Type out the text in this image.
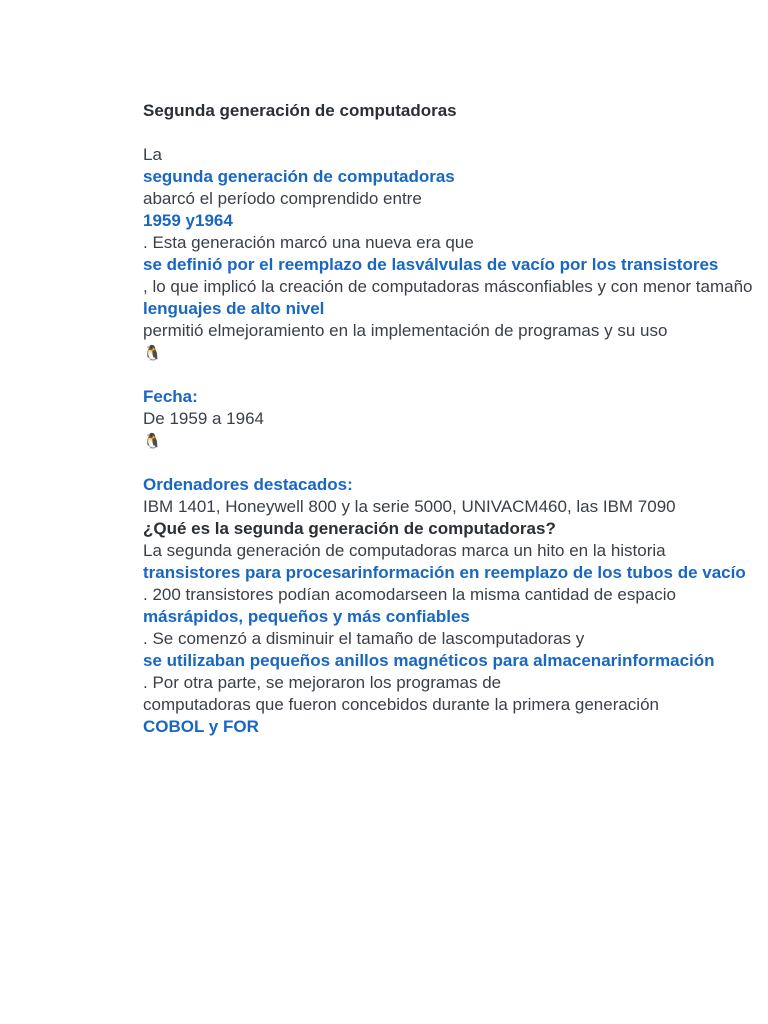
Segunda generación de computadoras
La
segunda generación de computadoras
abarcó el período comprendido entre
1959 y1964
. Esta generación marcó una nueva era que
se definió por el reemplazo de lasválvulas de vacío por los transistores
, lo que implicó la creación de computadoras másconfiables y con menor tamaño
lenguajes de alto nivel
permitió elmejoramiento en la implementación de programas y su uso
🐧
Fecha:
De 1959 a 1964
🐧
Ordenadores destacados:
IBM 1401, Honeywell 800 y la serie 5000, UNIVACM460, las IBM 7090
¿Qué es la segunda generación de computadoras?
La segunda generación de computadoras marca un hito en la historia
transistores para procesarinformación en reemplazo de los tubos de vacío
. 200 transistores podían acomodarseen la misma cantidad de espacio
másrápidos, pequeños y más confiables
. Se comenzó a disminuir el tamaño de lascomputadoras y
se utilizaban pequeños anillos magnéticos para almacenarinformación
. Por otra parte, se mejoraron los programas de
computadoras que fueron concebidos durante la primera generación
COBOL y FOR
